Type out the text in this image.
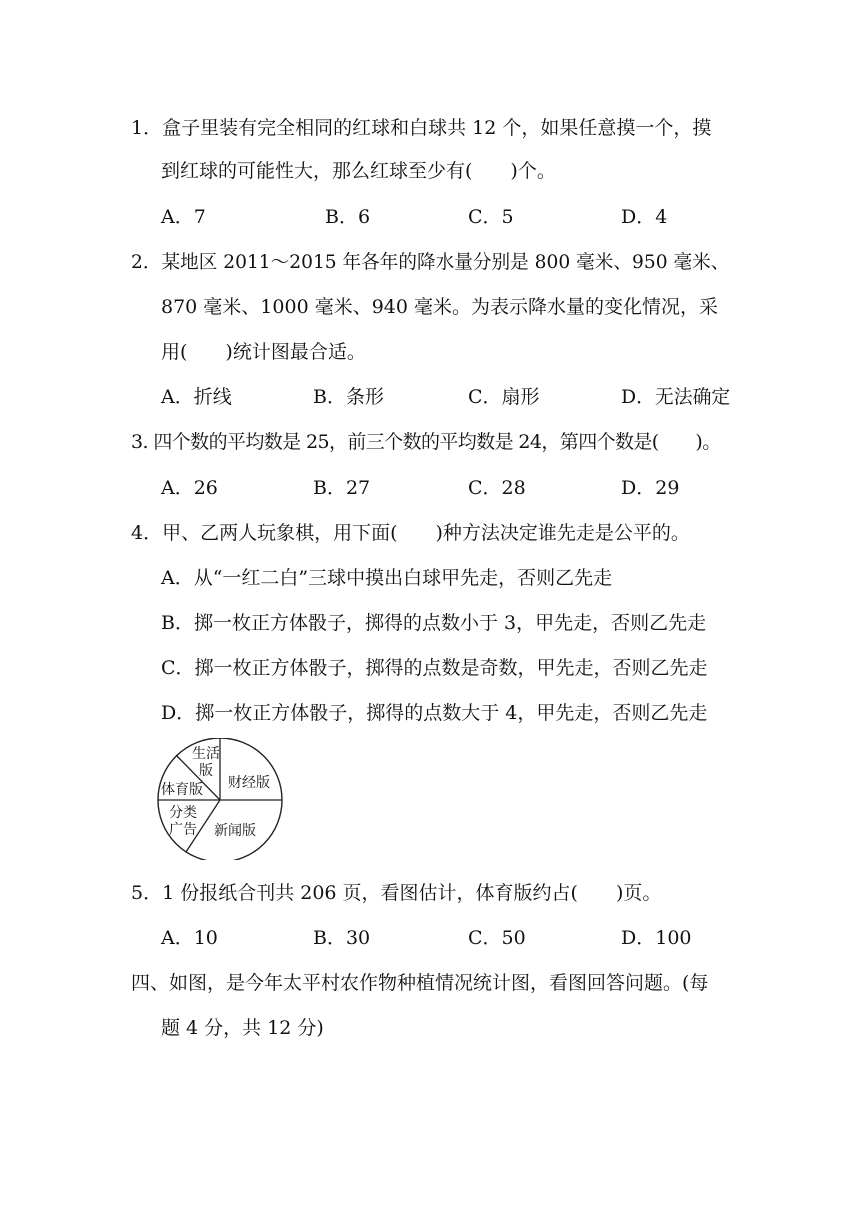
1．盒子里装有完全相同的红球和白球共 12 个，如果任意摸一个，摸
到红球的可能性大，那么红球至少有(　　)个。
A．7	B．6	C．5	D．4
2．某地区 2011～2015 年各年的降水量分别是 800 毫米、950 毫米、
870 毫米、1000 毫米、940 毫米。为表示降水量的变化情况，采
用(　　)统计图最合适。
A．折线	B．条形	C．扇形	D．无法确定
3. 四个数的平均数是 25，前三个数的平均数是 24，第四个数是(　　)。
A．26	B．27	C．28	D．29
4．甲、乙两人玩象棋，用下面(　　)种方法决定谁先走是公平的。
A．从“一红二白”三球中摸出白球甲先走，否则乙先走
B．掷一枚正方体骰子，掷得的点数小于 3，甲先走，否则乙先走
C．掷一枚正方体骰子，掷得的点数是奇数，甲先走，否则乙先走
D．掷一枚正方体骰子，掷得的点数大于 4，甲先走，否则乙先走
生活
版
财经版
体育版
分类
广告 新闻版
5．1 份报纸合刊共 206 页，看图估计，体育版约占(　　)页。
A．10	B．30	C．50	D．100
四、如图，是今年太平村农作物种植情况统计图，看图回答问题。(每
题 4 分，共 12 分)
